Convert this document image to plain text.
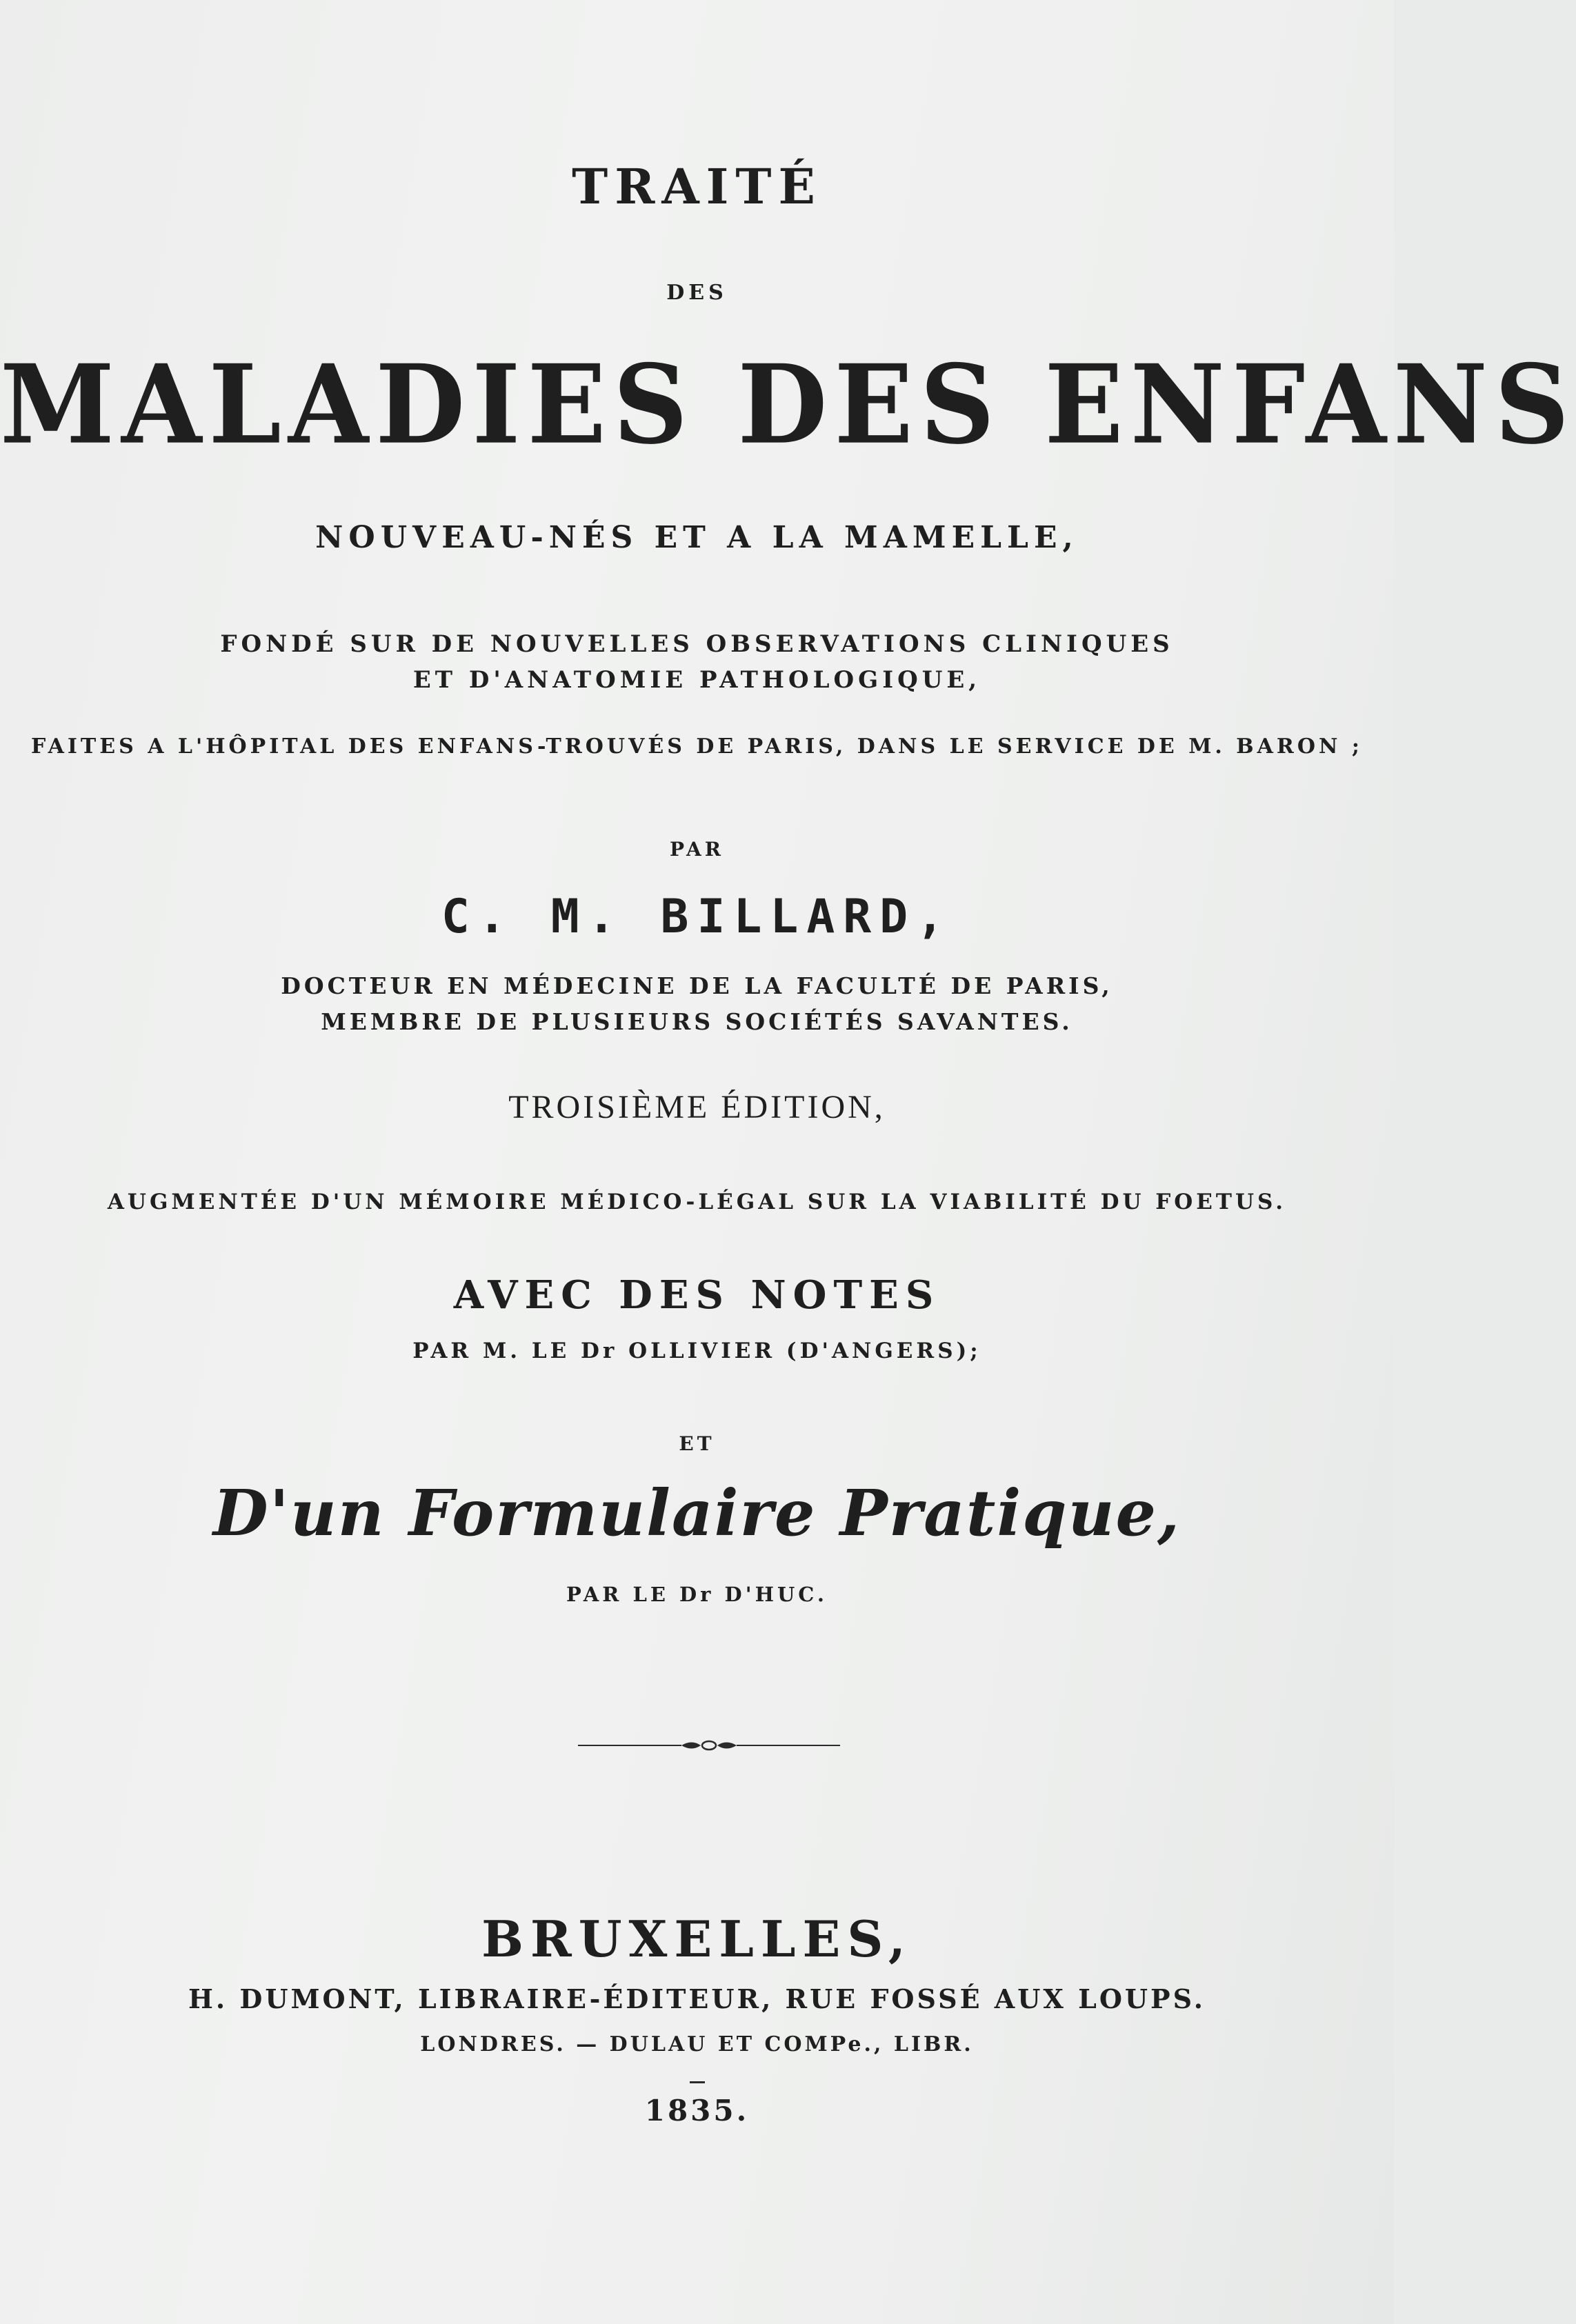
TRAITÉ
DES
MALADIES DES ENFANS
NOUVEAU-NÉS ET A LA MAMELLE,
FONDÉ SUR DE NOUVELLES OBSERVATIONS CLINIQUES
ET D'ANATOMIE PATHOLOGIQUE,
FAITES A L'HÔPITAL DES ENFANS-TROUVÉS DE PARIS, DANS LE SERVICE DE M. BARON ;
PAR
C. M. BILLARD,
DOCTEUR EN MÉDECINE DE LA FACULTÉ DE PARIS,
MEMBRE DE PLUSIEURS SOCIÉTÉS SAVANTES.
TROISIÈME ÉDITION,
AUGMENTÉE D'UN MÉMOIRE MÉDICO-LÉGAL SUR LA VIABILITÉ DU FOETUS.
AVEC DES NOTES
PAR M. LE Dr OLLIVIER (D'ANGERS);
ET
D'un Formulaire Pratique,
PAR LE Dr D'HUC.
BRUXELLES,
H. DUMONT, LIBRAIRE-ÉDITEUR, RUE FOSSÉ AUX LOUPS.
LONDRES. — DULAU ET COMPe., LIBR.
1835.
